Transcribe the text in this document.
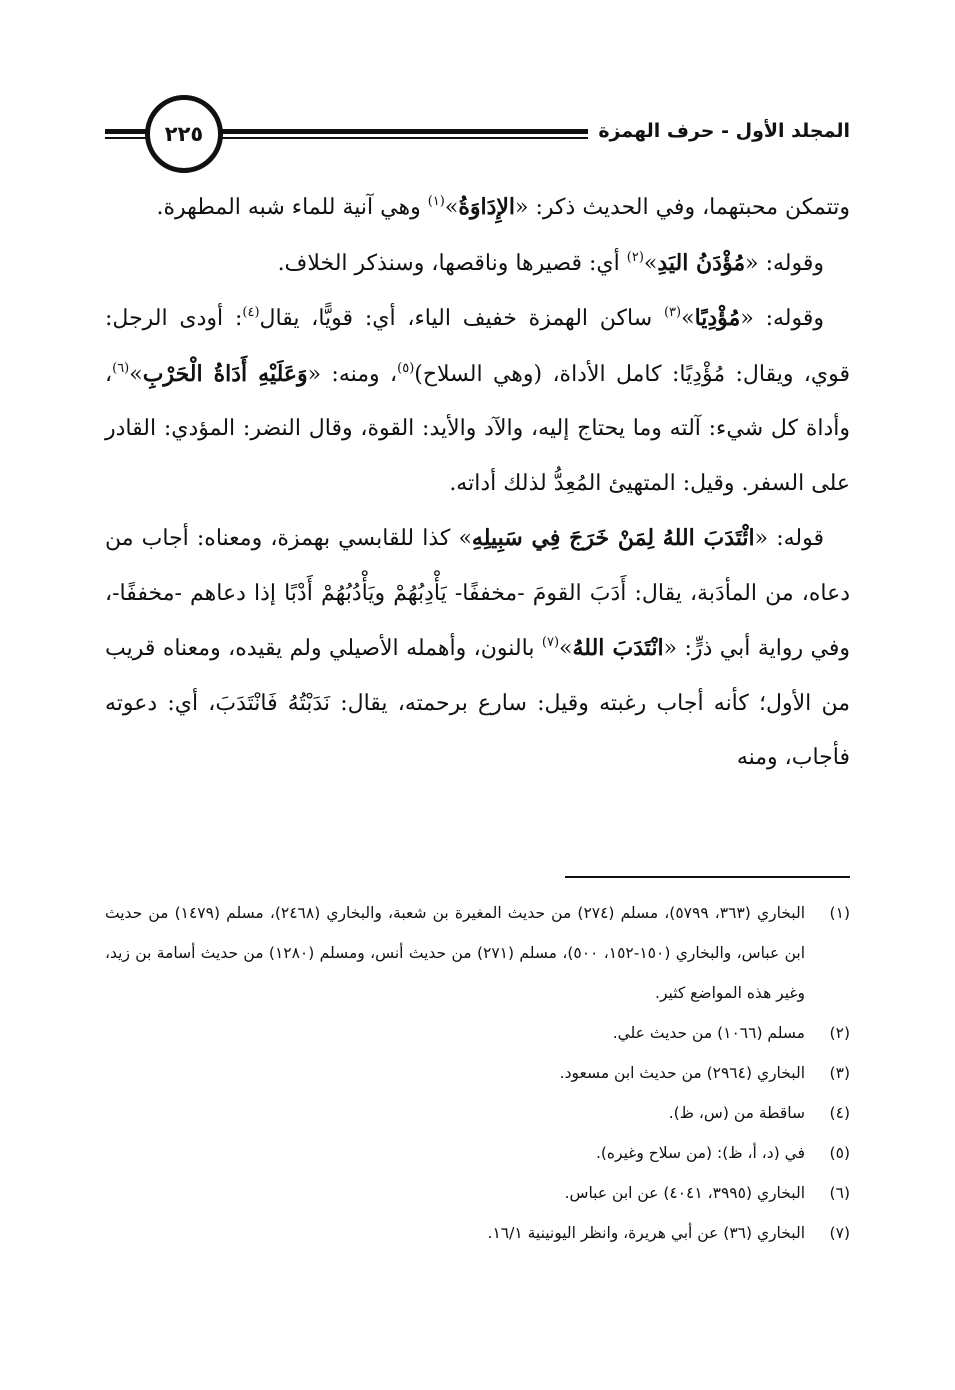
المجلد الأول - حرف الهمزة
٢٢٥

وتتمكن محبتهما، وفي الحديث ذكر: «الإِدَاوَةُ»$^{(١)}$ وهي آنية للماء شبه المطهرة.

وقوله: «مُؤْدَنُ اليَدِ»$^{(٢)}$ أي: قصيرها وناقصها، وسنذكر الخلاف.

وقوله: «مُؤْدِيًا»$^{(٣)}$ ساكن الهمزة خفيف الياء، أي: قويًّا، يقال$^{(٤)}$: أودى الرجل: قوي، ويقال: مُؤْدِيًا: كامل الأداة، (وهي السلاح)$^{(٥)}$، ومنه: «وَعَلَيْهِ أَدَاةُ الْحَرْبِ»$^{(٦)}$، وأداة كل شيء: آلته وما يحتاج إليه، والآد والأيد: القوة، وقال النضر: المؤدي: القادر على السفر. وقيل: المتهيئ المُعِدُّ لذلك أداته.

قوله: «ائْتَدَبَ اللهُ لِمَنْ خَرَجَ فِي سَبِيلِهِ» كذا للقابسي بهمزة، ومعناه: أجاب من دعاه، من المأدَبة، يقال: أَدَبَ القومَ -مخففًا- يَأْدِبُهُمْ ويَأْدُبُهُمْ أَدْبًا إذا دعاهم -مخففًا-، وفي رواية أبي ذرٍّ: «انْتَدَبَ اللهُ»$^{(٧)}$ بالنون، وأهمله الأصيلي ولم يقيده، ومعناه قريب من الأول؛ كأنه أجاب رغبته وقيل: سارع برحمته، يقال: نَدَبْتُهُ فَانْتَدَبَ، أي: دعوته فأجاب، ومنه

(١)
البخاري (٣٦٣، ٥٧٩٩)، مسلم (٢٧٤) من حديث المغيرة بن شعبة، والبخاري (٢٤٦٨)، مسلم (١٤٧٩) من حديث ابن عباس، والبخاري (١٥٠-١٥٢، ٥٠٠)، مسلم (٢٧١) من حديث أنس، ومسلم (١٢٨٠) من حديث أسامة بن زيد، وغير هذه المواضع كثير.
(٢)
مسلم (١٠٦٦) من حديث علي.
(٣)
البخاري (٢٩٦٤) من حديث ابن مسعود.
(٤)
ساقطة من (س، ظ).
(٥)
في (د، أ، ظ): (من سلاح وغيره).
(٦)
البخاري (٣٩٩٥، ٤٠٤١) عن ابن عباس.
(٧)
البخاري (٣٦) عن أبي هريرة، وانظر اليونينية ١٦/١.
